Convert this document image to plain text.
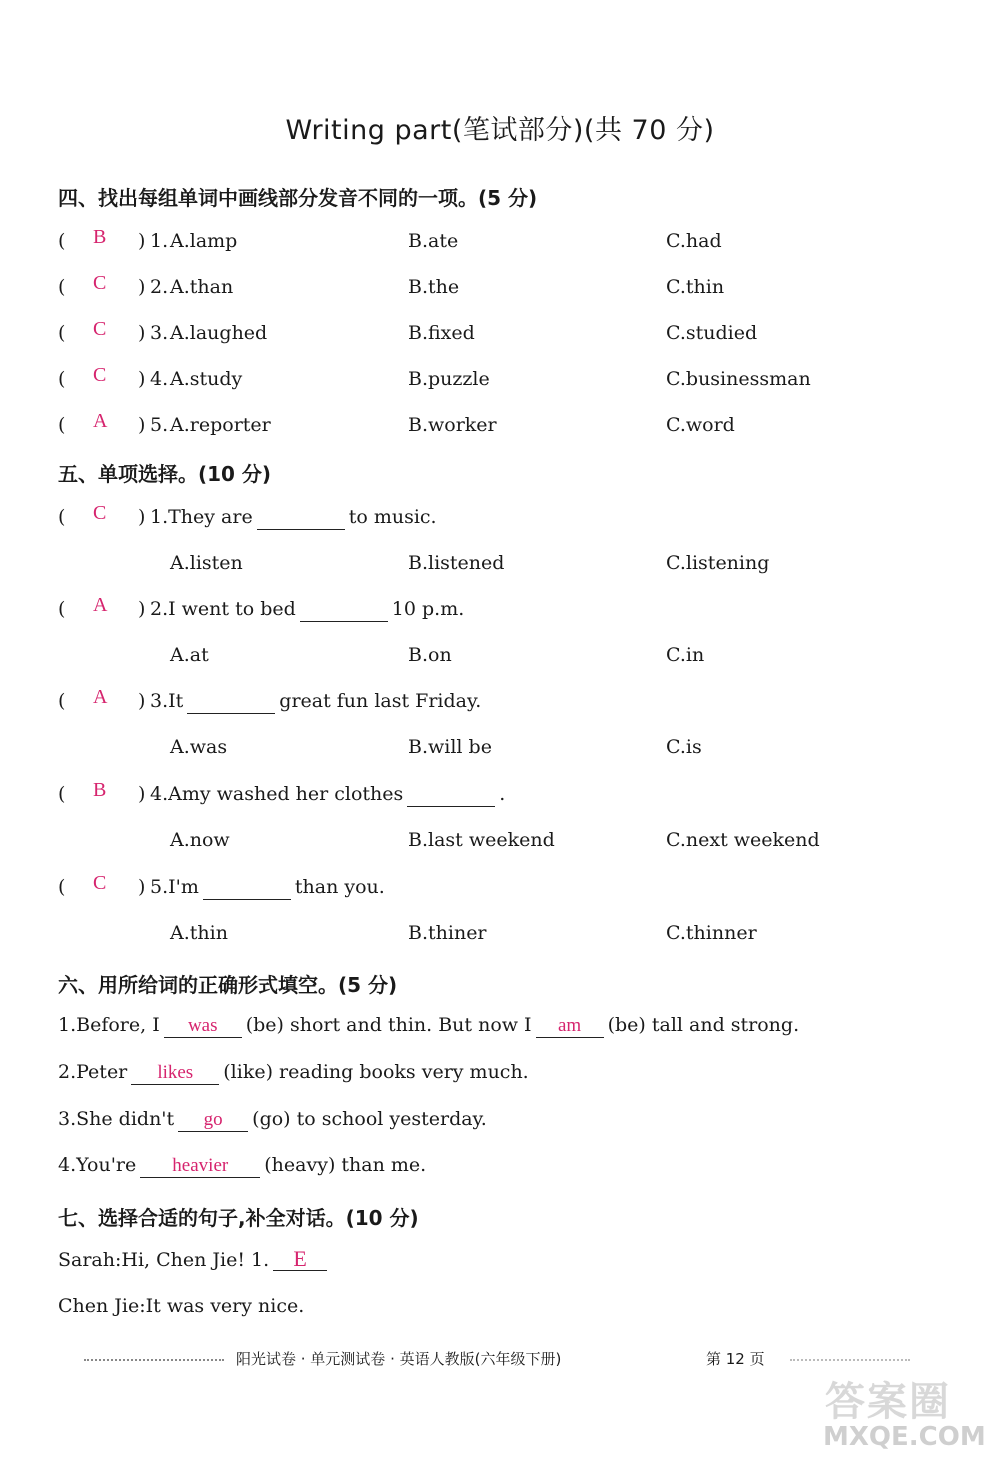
Writing part(笔试部分)(共 70 分)
四、找出每组单词中画线部分发音不同的一项。(5 分)
( B ) 1. A.lamp	B.ate	C.had
( C ) 2. A.than	B.the	C.thin
( C ) 3. A.laughed	B.fixed	C.studied
( C ) 4. A.study	B.puzzle	C.businessman
( A ) 5. A.reporter	B.worker	C.word
五、单项选择。(10 分)
( C ) 1.They are	to music.
A.listen	B.listened	C.listening
( A ) 2.I went to bed	10 p.m.
A.at	B.on	C.in
( A ) 3.It	great fun last Friday.
A.was	B.will be	C.is
( B ) 4.Amy washed her clothes	.
A.now	B.last weekend	C.next weekend
( C ) 5.I'm	than you.
A.thin	B.thiner	C.thinner
六、用所给词的正确形式填空。(5 分)
1.Before, I was (be) short and thin. But now I am (be) tall and strong.
2.Peter likes (like) reading books very much.
3.She didn't go (go) to school yesterday.
4.You're heavier (heavy) than me.
七、选择合适的句子,补全对话。(10 分)
Sarah:Hi, Chen Jie! 1. E
Chen Jie:It was very nice.
阳光试卷 · 单元测试卷 · 英语人教版(六年级下册)	第 12 页
答案圈
MXQE.COM
